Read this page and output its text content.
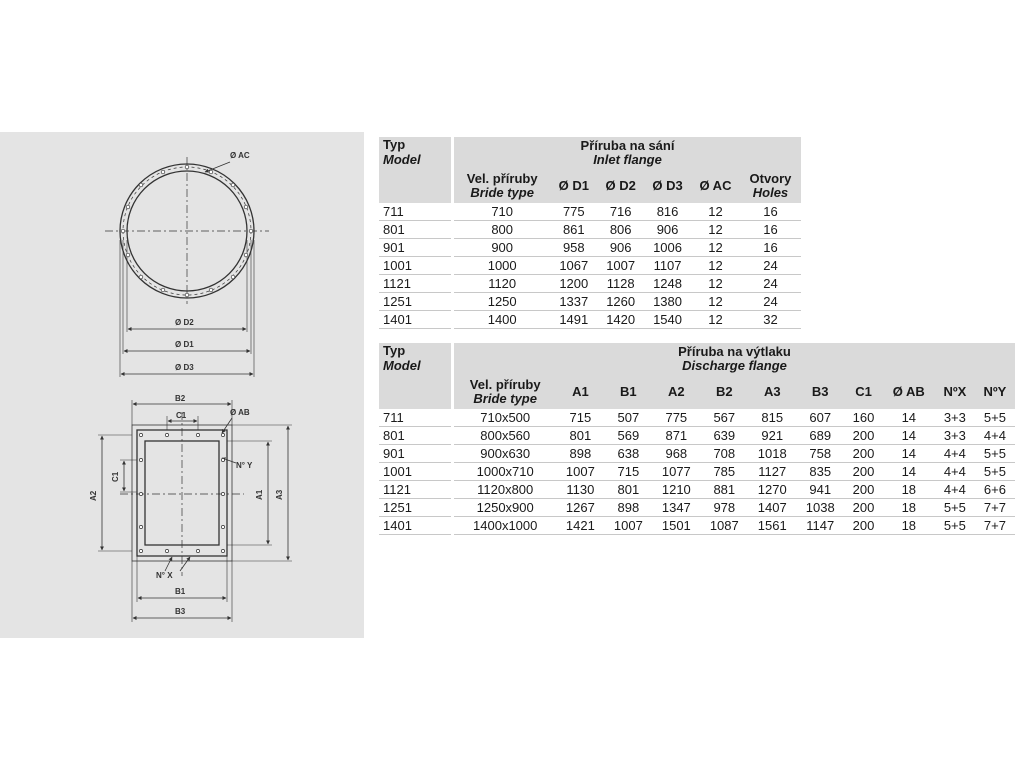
Ø AC
Ø D2
Ø D1
Ø D3
B2
C1	Ø AB
N° Y
C1
A2	A1 A3
N° X
B1
B3
Typ
Model		Příruba na sání
Inlet flange					
	Vel. příruby
Bride type	Ø D1	Ø D2	Ø D3	Ø AC	Otvory
Holes
711		710	775	716	816	12	16
801		800	861	806	906	12	16
901		900	958	906	1006	12	16
1001		1000	1067	1007	1107	12	24
1121		1120	1200	1128	1248	12	24
1251		1250	1337	1260	1380	12	24
1401		1400	1491	1420	1540	12	32
Typ
Model		Příruba na výtlaku
Discharge flange										
	Vel. příruby
Bride type	A1	B1	A2	B2	A3	B3	C1	Ø AB	NºX	NºY
711		710x500	715	507	775	567	815	607	160	14	3+3	5+5
801		800x560	801	569	871	639	921	689	200	14	3+3	4+4
901		900x630	898	638	968	708	1018	758	200	14	4+4	5+5
1001		1000x710	1007	715	1077	785	1127	835	200	14	4+4	5+5
1121		1120x800	1130	801	1210	881	1270	941	200	18	4+4	6+6
1251		1250x900	1267	898	1347	978	1407	1038	200	18	5+5	7+7
1401		1400x1000	1421	1007	1501	1087	1561	1147	200	18	5+5	7+7
